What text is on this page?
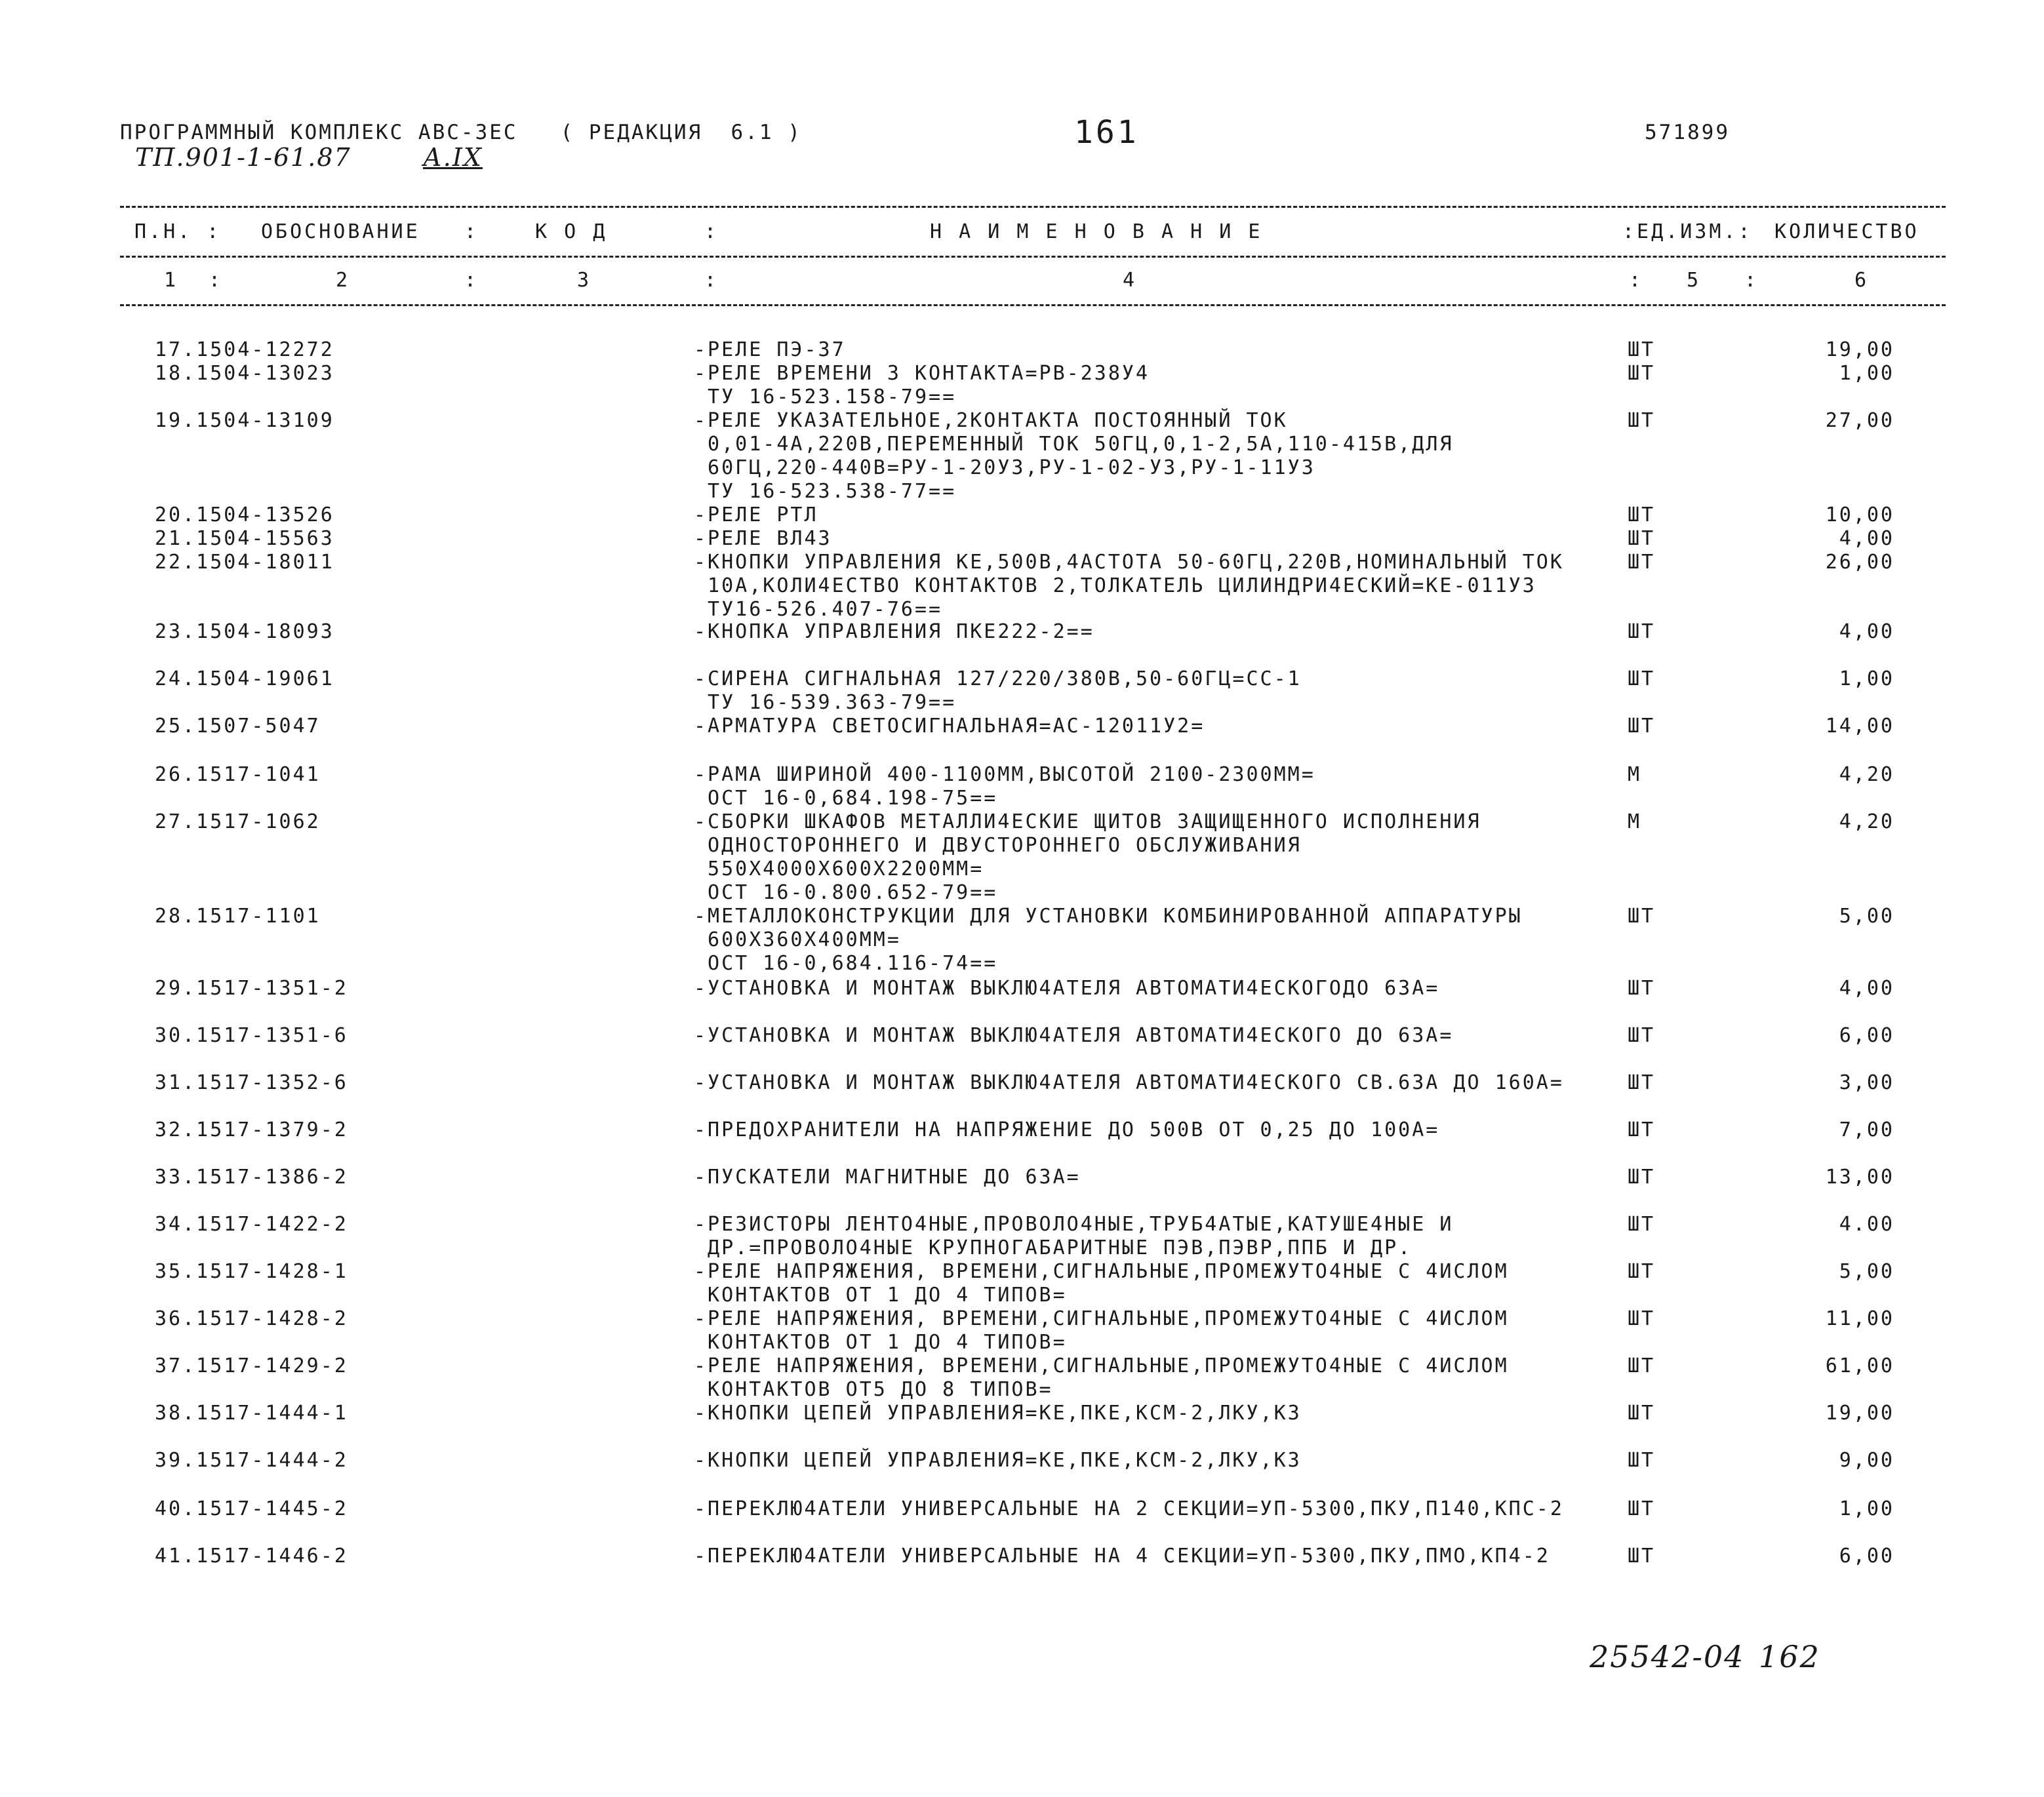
ПРОГРАММНЫЙ КОМПЛЕКС АВС-3ЕС   ( РЕДАКЦИЯ  6.1 )	161	571899
ТП.901-1-61.87	А.IX
П.Н. : ОБОСНОВАНИЕ :	К О Д	:	Н А И М Е Н О В А Н И Е	:ЕД.ИЗМ.: КОЛИЧЕСТВО
1 :	2	:	3	:	4	: 5 :	6
17.1504-12272	-РЕЛЕ ПЭ-37	ШТ	19,00
18.1504-13023	-РЕЛЕ ВРЕМЕНИ 3 КОНТАКТА=РВ-238У4
ТУ 16-523.158-79==
ШТ	1,00
19.1504-13109	-РЕЛЕ УКАЗАТЕЛЬНОЕ,2КОНТАКТА ПОСТОЯННЫЙ ТОК
0,01-4А,220В,ПЕРЕМЕННЫЙ ТОК 50ГЦ,0,1-2,5А,110-415В,ДЛЯ
60ГЦ,220-440В=РУ-1-20У3,РУ-1-02-У3,РУ-1-11У3
ТУ 16-523.538-77==
ШТ	27,00
20.1504-13526	-РЕЛЕ РТЛ	ШТ	10,00
21.1504-15563	-РЕЛЕ ВЛ43	ШТ	4,00
22.1504-18011	-КНОПКИ УПРАВЛЕНИЯ КЕ,500В,4АСТОТА 50-60ГЦ,220В,НОМИНАЛЬНЫЙ ТОК
10А,КОЛИ4ЕСТВО КОНТАКТОВ 2,ТОЛКАТЕЛЬ ЦИЛИНДРИ4ЕСКИЙ=КЕ-011У3
ТУ16-526.407-76==
ШТ	26,00
23.1504-18093	-КНОПКА УПРАВЛЕНИЯ ПКЕ222-2==	ШТ	4,00
24.1504-19061	-СИРЕНА СИГНАЛЬНАЯ 127/220/380В,50-60ГЦ=СС-1
ТУ 16-539.363-79==
ШТ	1,00
25.1507-5047	-АРМАТУРА СВЕТОСИГНАЛЬНАЯ=АС-12011У2=	ШТ	14,00
26.1517-1041	-РАМА ШИРИНОЙ 400-1100ММ,ВЫСОТОЙ 2100-2300ММ=
ОСТ 16-0,684.198-75==
М	4,20
27.1517-1062	-СБОРКИ ШКАФОВ МЕТАЛЛИ4ЕСКИЕ ЩИТОВ ЗАЩИЩЕННОГО ИСПОЛНЕНИЯ
ОДНОСТОРОННЕГО И ДВУСТОРОННЕГО ОБСЛУЖИВАНИЯ
550Х4000Х600Х2200ММ=
ОСТ 16-0.800.652-79==
М	4,20
28.1517-1101	-МЕТАЛЛОКОНСТРУКЦИИ ДЛЯ УСТАНОВКИ КОМБИНИРОВАННОЙ АППАРАТУРЫ
600Х360Х400ММ=
ОСТ 16-0,684.116-74==
ШТ	5,00
29.1517-1351-2	-УСТАНОВКА И МОНТАЖ ВЫКЛЮ4АТЕЛЯ АВТОМАТИ4ЕСКОГОДО 63А=	ШТ	4,00
30.1517-1351-6	-УСТАНОВКА И МОНТАЖ ВЫКЛЮ4АТЕЛЯ АВТОМАТИ4ЕСКОГО ДО 63А=	ШТ	6,00
31.1517-1352-6	-УСТАНОВКА И МОНТАЖ ВЫКЛЮ4АТЕЛЯ АВТОМАТИ4ЕСКОГО СВ.63А ДО 160А=	ШТ	3,00
32.1517-1379-2	-ПРЕДОХРАНИТЕЛИ НА НАПРЯЖЕНИЕ ДО 500В ОТ 0,25 ДО 100А=	ШТ	7,00
33.1517-1386-2	-ПУСКАТЕЛИ МАГНИТНЫЕ ДО 63А=	ШТ	13,00
34.1517-1422-2	-РЕЗИСТОРЫ ЛЕНТО4НЫЕ,ПРОВОЛО4НЫЕ,ТРУБ4АТЫЕ,КАТУШЕ4НЫЕ И
ДР.=ПРОВОЛО4НЫЕ КРУПНОГАБАРИТНЫЕ ПЭВ,ПЭВР,ППБ И ДР.
ШТ	4.00
35.1517-1428-1	-РЕЛЕ НАПРЯЖЕНИЯ, ВРЕМЕНИ,СИГНАЛЬНЫЕ,ПРОМЕЖУТО4НЫЕ С 4ИСЛОМ
КОНТАКТОВ ОТ 1 ДО 4 ТИПОВ=
ШТ	5,00
36.1517-1428-2	-РЕЛЕ НАПРЯЖЕНИЯ, ВРЕМЕНИ,СИГНАЛЬНЫЕ,ПРОМЕЖУТО4НЫЕ С 4ИСЛОМ
КОНТАКТОВ ОТ 1 ДО 4 ТИПОВ=
ШТ	11,00
37.1517-1429-2	-РЕЛЕ НАПРЯЖЕНИЯ, ВРЕМЕНИ,СИГНАЛЬНЫЕ,ПРОМЕЖУТО4НЫЕ С 4ИСЛОМ
КОНТАКТОВ ОТ5 ДО 8 ТИПОВ=
ШТ	61,00
38.1517-1444-1	-КНОПКИ ЦЕПЕЙ УПРАВЛЕНИЯ=КЕ,ПКЕ,КСМ-2,ЛКУ,КЗ	ШТ	19,00
39.1517-1444-2	-КНОПКИ ЦЕПЕЙ УПРАВЛЕНИЯ=КЕ,ПКЕ,КСМ-2,ЛКУ,КЗ	ШТ	9,00
40.1517-1445-2	-ПЕРЕКЛЮ4АТЕЛИ УНИВЕРСАЛЬНЫЕ НА 2 СЕКЦИИ=УП-5300,ПКУ,П140,КПС-2	ШТ	1,00
41.1517-1446-2	-ПЕРЕКЛЮ4АТЕЛИ УНИВЕРСАЛЬНЫЕ НА 4 СЕКЦИИ=УП-5300,ПКУ,ПМО,КП4-2	ШТ	6,00
25542-04 162
